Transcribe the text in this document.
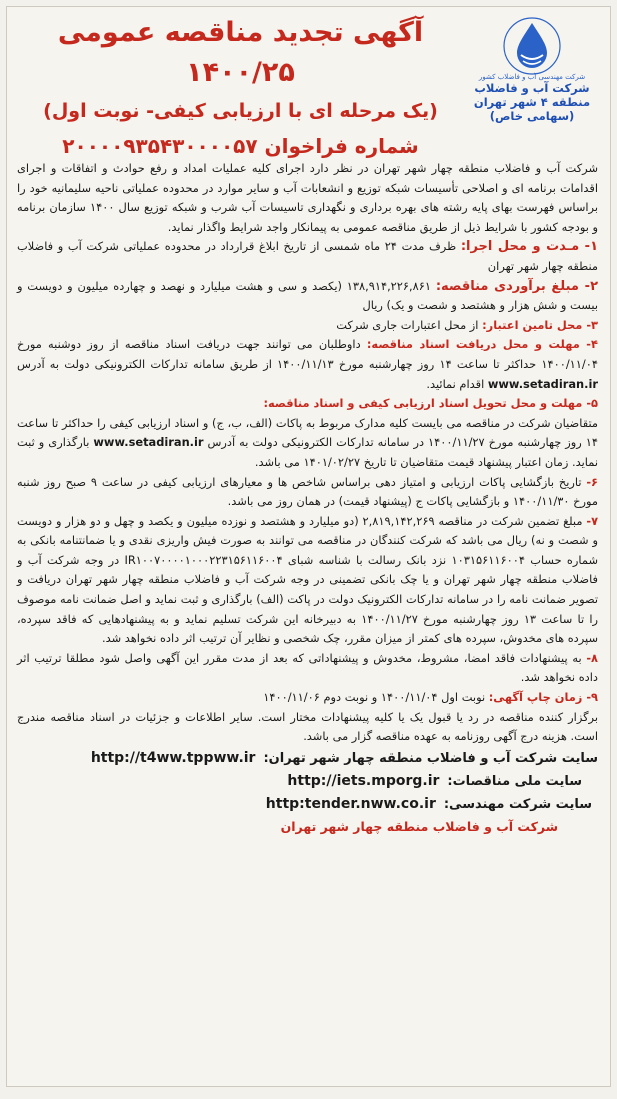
شرکت مهندسی آب و فاضلاب کشور
شرکت آب و فاضلاب
منطقه ۴ شهر تهران
(سهامی خاص)
آگهی تجدید مناقصه عمومی ۱۴۰۰/۲۵
(یک مرحله ای با ارزیابی کیفی- نوبت اول)
شماره فراخوان ۲۰۰۰۰۹۳۵۴۳۰۰۰۰۵۷

شرکت آب و فاضلاب منطقه چهار شهر تهران در نظر دارد اجرای کلیه عملیات امداد و رفع حوادث و اتفاقات و اجرای اقدامات برنامه ای و اصلاحی تأسیسات شبکه توزیع و انشعابات آب و سایر موارد در محدوده عملیاتی ناحیه سلیمانیه خود را براساس فهرست بهای پایه رشته های بهره برداری و نگهداری تاسیسات آب شرب و شبکه توزیع سال ۱۴۰۰ سازمان برنامه و بودجه کشور با شرایط ذیل از طریق مناقصه عمومی به پیمانکار واجد شرایط واگذار نماید.

۱- مـدت و محل اجرا: ظرف مدت ۲۴ ماه شمسی از تاریخ ابلاغ قرارداد در محدوده عملیاتی شرکت آب و فاضلاب منطقه چهار شهر تهران

۲- مبلغ برآوردی مناقصه: ۱۳۸,۹۱۴,۲۲۶,۸۶۱ (یکصد و سی و هشت میلیارد و نهصد و چهارده میلیون و دویست و بیست و شش هزار و هشتصد و شصت و یک) ریال

۳- محل تامین اعتبار: از محل اعتبارات جاری شرکت

۴- مهلت و محل دریافت اسناد مناقصه: داوطلبان می توانند جهت دریافت اسناد مناقصه از روز دوشنبه مورخ ۱۴۰۰/۱۱/۰۴ حداکثر تا ساعت ۱۴ روز چهارشنبه مورخ ۱۴۰۰/۱۱/۱۳ از طریق سامانه تدارکات الکترونیکی دولت به آدرس www.setadiran.ir اقدام نمائید.

۵- مهلت و محل تحویل اسناد ارزیابی کیفی و اسناد مناقصه:
متقاضیان شرکت در مناقصه می بایست کلیه مدارک مربوط به پاکات (الف، ب، ج) و اسناد ارزیابی کیفی را حداکثر تا ساعت ۱۴ روز چهارشنبه مورخ ۱۴۰۰/۱۱/۲۷ در سامانه تدارکات الکترونیکی دولت به آدرس www.setadiran.ir بارگذاری و ثبت نماید. زمان اعتبار پیشنهاد قیمت متقاضیان تا تاریخ ۱۴۰۱/۰۲/۲۷ می باشد.

۶- تاریخ بازگشایی پاکات ارزیابی و امتیاز دهی براساس شاخص ها و معیارهای ارزیابی کیفی در ساعت ۹ صبح روز شنبه مورخ ۱۴۰۰/۱۱/۳۰ و بازگشایی پاکات ج (پیشنهاد قیمت) در همان روز می باشد.

۷- مبلغ تضمین شرکت در مناقصه ۲,۸۱۹,۱۴۲,۲۶۹ (دو میلیارد و هشتصد و نوزده میلیون و یکصد و چهل و دو هزار و دویست و شصت و نه) ریال می باشد که شرکت کنندگان در مناقصه می توانند به صورت فیش واریزی نقدی و یا ضمانتنامه بانکی به شماره حساب ۱۰۳۱۵۶۱۱۶۰۰۴ نزد بانک رسالت با شناسه شبای IR۱۰۰۷۰۰۰۰۱۰۰۰۲۲۳۱۵۶۱۱۶۰۰۴ در وجه شرکت آب و فاضلاب منطقه چهار شهر تهران و یا چک بانکی تضمینی در وجه شرکت آب و فاضلاب منطقه چهار شهر تهران دریافت و تصویر ضمانت نامه را در سامانه تدارکات الکترونیک دولت در پاکت (الف) بارگذاری و ثبت نماید و اصل ضمانت نامه موصوف را تا ساعت ۱۳ روز چهارشنبه مورخ ۱۴۰۰/۱۱/۲۷ به دبیرخانه این شرکت تسلیم نماید و به پیشنهادهایی که فاقد سپرده، سپرده های مخدوش، سپرده های کمتر از میزان مقرر، چک شخصی و نظایر آن ترتیب اثر داده نخواهد شد.

۸- به پیشنهادات فاقد امضا، مشروط، مخدوش و پیشنهاداتی که بعد از مدت مقرر این آگهی واصل شود مطلقا ترتیب اثر داده نخواهد شد.

۹- زمان چاپ آگهی: نوبت اول ۱۴۰۰/۱۱/۰۴ و نوبت دوم ۱۴۰۰/۱۱/۰۶

برگزار کننده مناقصه در رد یا قبول یک یا کلیه پیشنهادات مختار است. سایر اطلاعات و جزئیات در اسناد مناقصه مندرج است. هزینه درج آگهی روزنامه به عهده مناقصه گزار می باشد.

سایت شرکت آب و فاضلاب منطقه چهار شهر تهران:
http://t4ww.tppww.ir
سایت ملی مناقصات:
http://iets.mporg.ir
سایت شرکت مهندسی:
http:tender.nww.co.ir
شرکت آب و فاضلاب منطقه چهار شهر تهران
